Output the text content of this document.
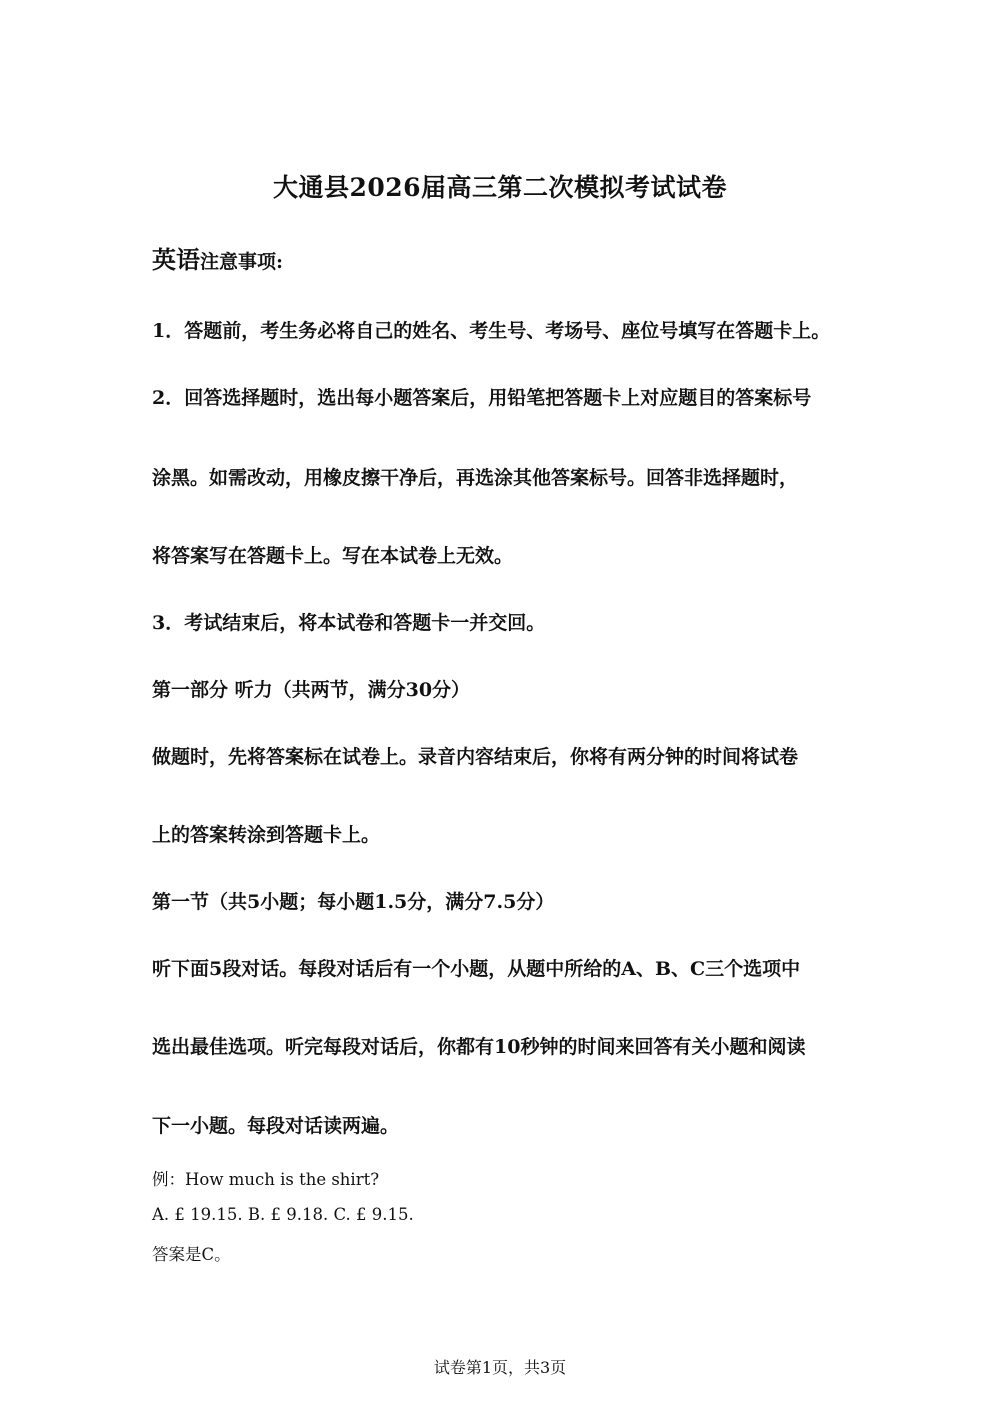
大通县2026届高三第二次模拟考试试卷
英语注意事项:
1．答题前，考生务必将自己的姓名、考生号、考场号、座位号填写在答题卡上。
2．回答选择题时，选出每小题答案后，用铅笔把答题卡上对应题目的答案标号
涂黑。如需改动，用橡皮擦干净后，再选涂其他答案标号。回答非选择题时，
将答案写在答题卡上。写在本试卷上无效。
3．考试结束后，将本试卷和答题卡一并交回。
第一部分 听力（共两节，满分30分）
做题时，先将答案标在试卷上。录音内容结束后，你将有两分钟的时间将试卷
上的答案转涂到答题卡上。
第一节（共5小题；每小题1.5分，满分7.5分）
听下面5段对话。每段对话后有一个小题，从题中所给的A、B、C三个选项中
选出最佳选项。听完每段对话后，你都有10秒钟的时间来回答有关小题和阅读
下一小题。每段对话读两遍。
例：How much is the shirt?
A. £ 19.15. B. £ 9.18. C. £ 9.15.
答案是C。
试卷第1页，共3页
